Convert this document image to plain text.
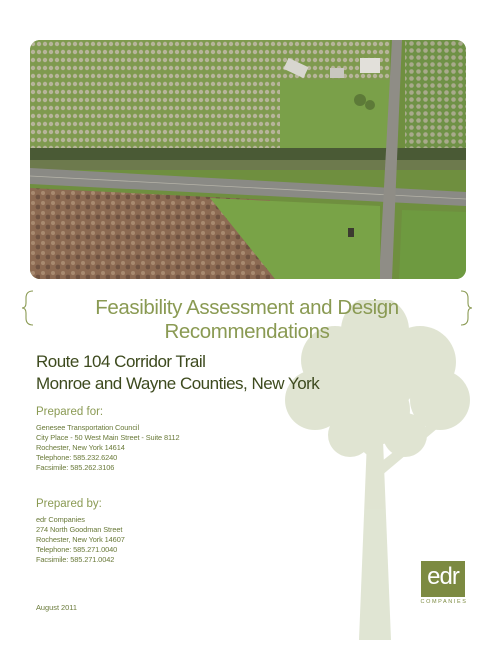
Feasibility Assessment and Design Recommendations
Route 104 Corridor Trail
Monroe and Wayne Counties, New York
Prepared for:
Genesee Transportation Council
City Place - 50 West Main Street - Suite 8112
Rochester, New York 14614
Telephone: 585.232.6240
Facsimile: 585.262.3106
Prepared by:
edr Companies
274 North Goodman Street
Rochester, New York 14607
Telephone: 585.271.0040
Facsimile: 585.271.0042
August 2011
edr
COMPANIES
